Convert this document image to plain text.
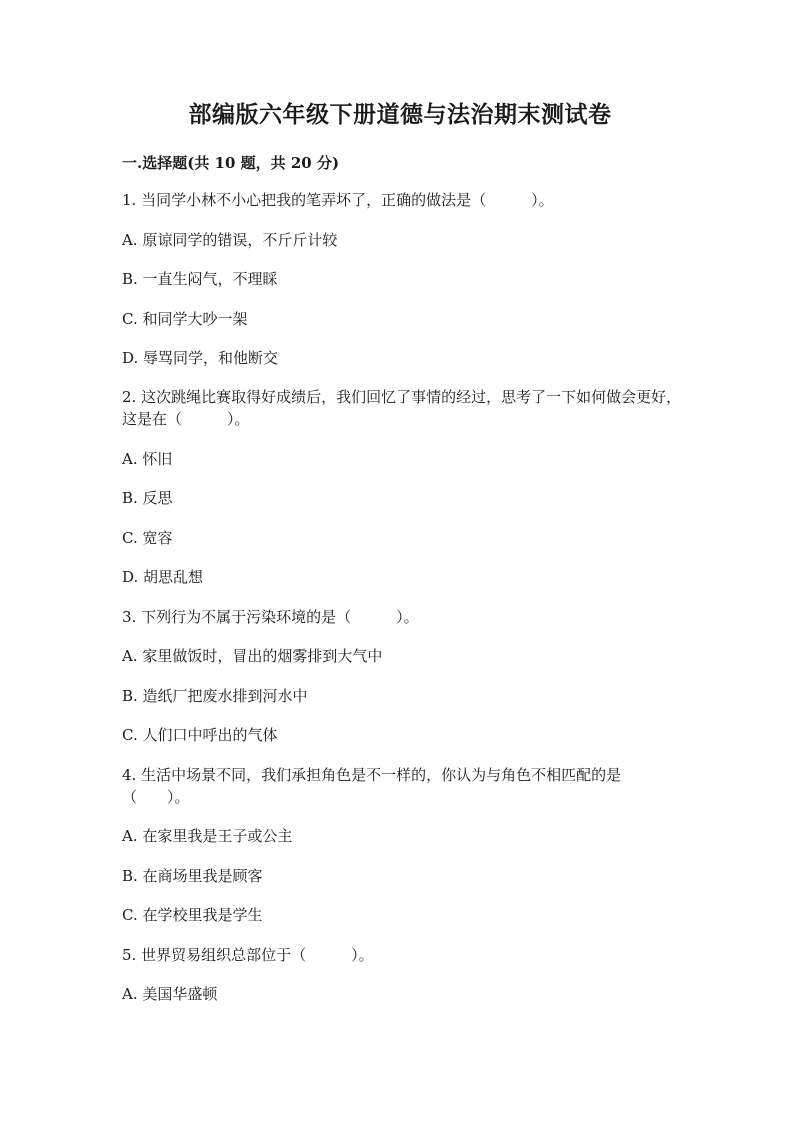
部编版六年级下册道德与法治期末测试卷
一.选择题(共 10 题，共 20 分)
1. 当同学小林不小心把我的笔弄坏了，正确的做法是（　　　）。
A. 原谅同学的错误，不斤斤计较
B. 一直生闷气，不理睬
C. 和同学大吵一架
D. 辱骂同学，和他断交
2. 这次跳绳比赛取得好成绩后，我们回忆了事情的经过，思考了一下如何做会更好，这是在（　　　）。
A. 怀旧
B. 反思
C. 宽容
D. 胡思乱想
3. 下列行为不属于污染环境的是（　　　）。
A. 家里做饭时，冒出的烟雾排到大气中
B. 造纸厂把废水排到河水中
C. 人们口中呼出的气体
4. 生活中场景不同，我们承担角色是不一样的，你认为与角色不相匹配的是（　　）。
A. 在家里我是王子或公主
B. 在商场里我是顾客
C. 在学校里我是学生
5. 世界贸易组织总部位于（　　　）。
A. 美国华盛顿
